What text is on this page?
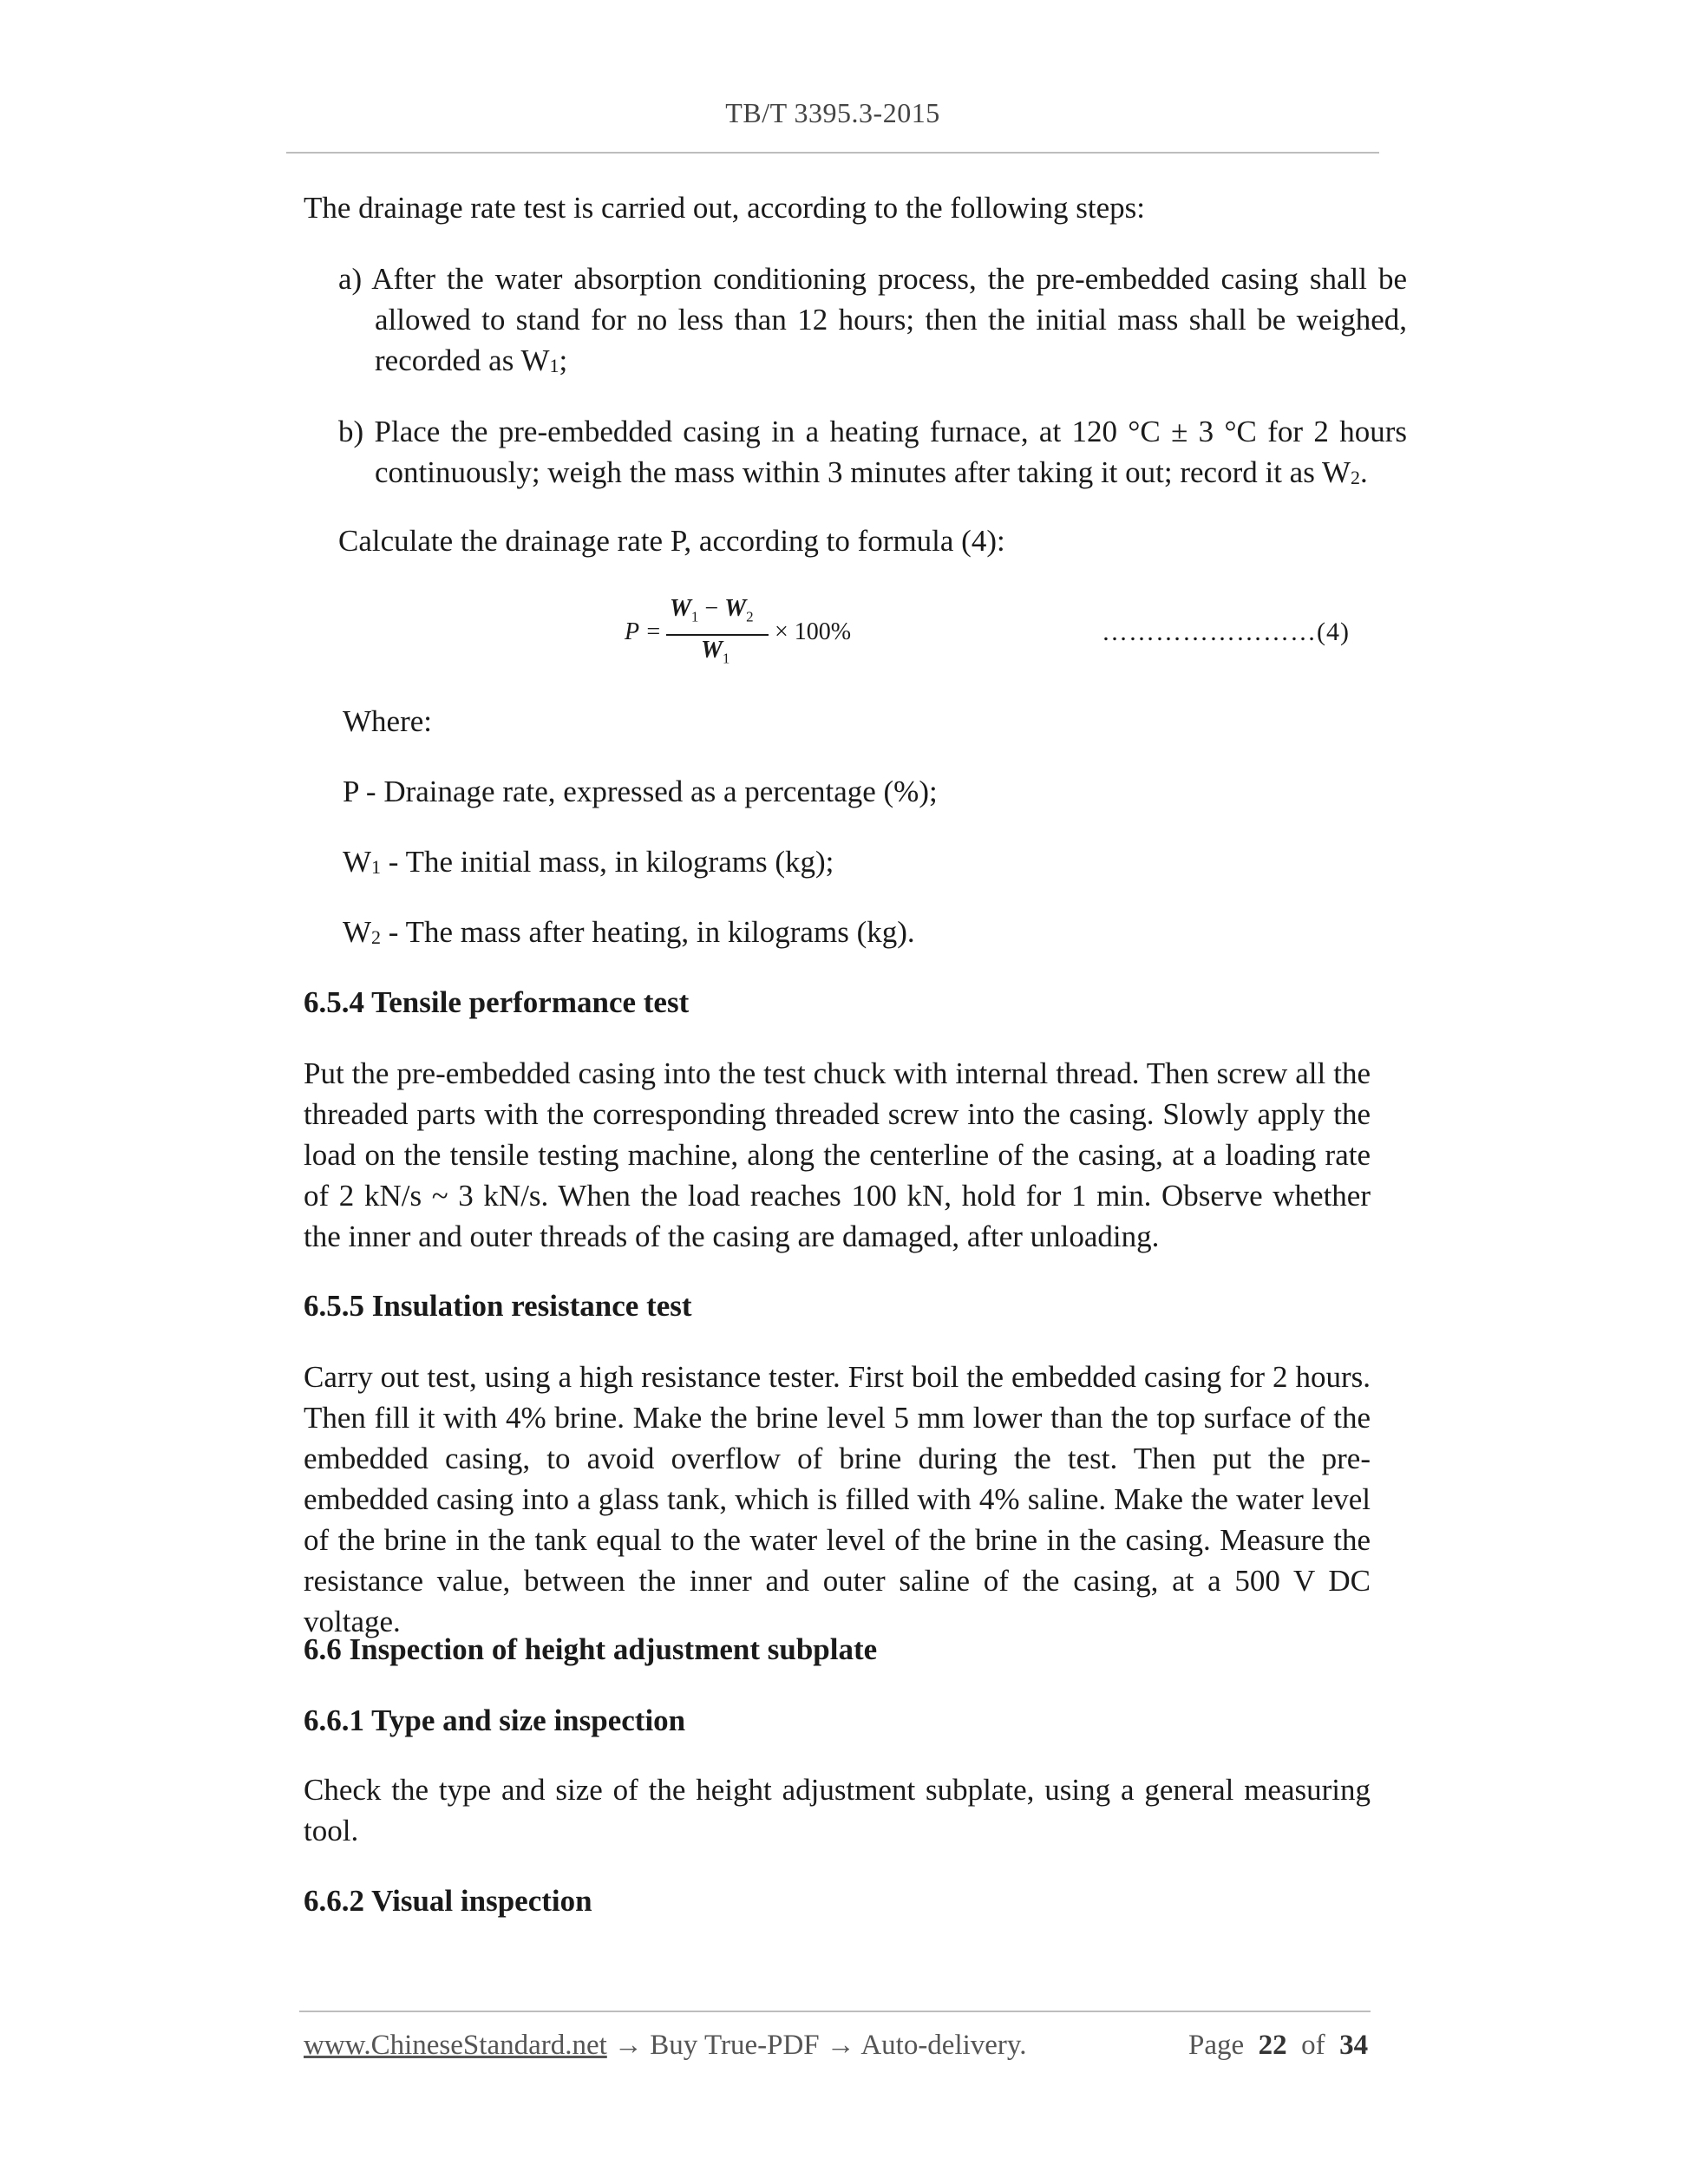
TB/T 3395.3-2015

The drainage rate test is carried out, according to the following steps:

a) After the water absorption conditioning process, the pre-embedded casing shall be allowed to stand for no less than 12 hours; then the initial mass shall be weighed, recorded as $W_1$;

b) Place the pre-embedded casing in a heating furnace, at 120 °C ± 3 °C for 2 hours continuously; weigh the mass within 3 minutes after taking it out; record it as $W_2$.

Calculate the drainage rate P, according to formula (4):

P =
$W_1 - W_2$
$W_1$
× 100%	……………………(4)

Where:

P - Drainage rate, expressed as a percentage (%);

$W_1$ - The initial mass, in kilograms (kg);

$W_2$ - The mass after heating, in kilograms (kg).

6.5.4 Tensile performance test

Put the pre-embedded casing into the test chuck with internal thread. Then screw all the threaded parts with the corresponding threaded screw into the casing. Slowly apply the load on the tensile testing machine, along the centerline of the casing, at a loading rate of 2 kN/s ~ 3 kN/s. When the load reaches 100 kN, hold for 1 min. Observe whether the inner and outer threads of the casing are damaged, after unloading.

6.5.5 Insulation resistance test

Carry out test, using a high resistance tester. First boil the embedded casing for 2 hours. Then fill it with 4% brine. Make the brine level 5 mm lower than the top surface of the embedded casing, to avoid overflow of brine during the test. Then put the pre-embedded casing into a glass tank, which is filled with 4% saline. Make the water level of the brine in the tank equal to the water level of the brine in the casing. Measure the resistance value, between the inner and outer saline of the casing, at a 500 V DC voltage.

6.6 Inspection of height adjustment subplate
6.6.1 Type and size inspection

Check the type and size of the height adjustment subplate, using a general measuring tool.

6.6.2 Visual inspection
www.ChineseStandard.net → Buy True-PDF → Auto-delivery.	Page 22 of 34
